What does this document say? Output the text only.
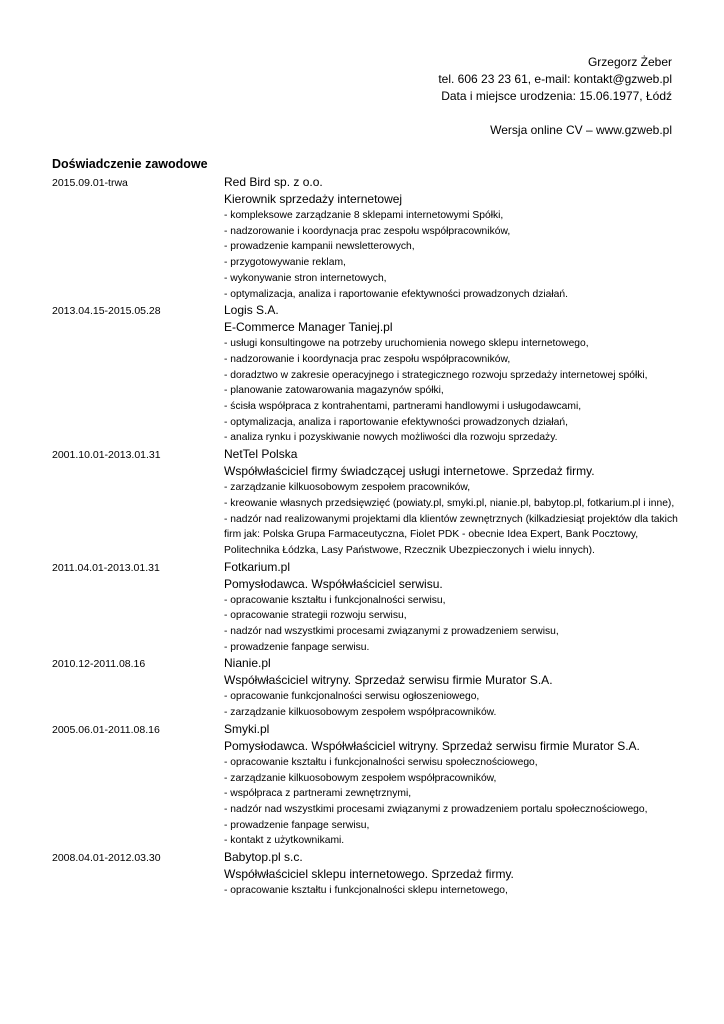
Grzegorz Żeber
tel. 606 23 23 61, e-mail: kontakt@gzweb.pl
Data i miejsce urodzenia: 15.06.1977, Łódź
Wersja online CV – www.gzweb.pl
Doświadczenie zawodowe
2015.09.01-trwa	Red Bird sp. z o.o.
Kierownik sprzedaży internetowej
- kompleksowe zarządzanie 8 sklepami internetowymi Spółki,
- nadzorowanie i koordynacja prac zespołu współpracowników,
- prowadzenie kampanii newsletterowych,
- przygotowywanie reklam,
- wykonywanie stron internetowych,
- optymalizacja, analiza i raportowanie efektywności prowadzonych działań.
2013.04.15-2015.05.28	Logis S.A.
E-Commerce Manager Taniej.pl
- usługi konsultingowe na potrzeby uruchomienia nowego sklepu internetowego,
- nadzorowanie i koordynacja prac zespołu współpracowników,
- doradztwo w zakresie operacyjnego i strategicznego rozwoju sprzedaży internetowej spółki,
- planowanie zatowarowania magazynów spółki,
- ścisła współpraca z kontrahentami, partnerami handlowymi i usługodawcami,
- optymalizacja, analiza i raportowanie efektywności prowadzonych działań,
- analiza rynku i pozyskiwanie nowych możliwości dla rozwoju sprzedaży.
2001.10.01-2013.01.31	NetTel Polska
Współwłaściciel firmy świadczącej usługi internetowe. Sprzedaż firmy.
- zarządzanie kilkuosobowym zespołem pracowników,
- kreowanie własnych przedsięwzięć (powiaty.pl, smyki.pl, nianie.pl, babytop.pl, fotkarium.pl i inne),
- nadzór nad realizowanymi projektami dla klientów zewnętrznych (kilkadziesiąt projektów dla takich firm jak: Polska Grupa Farmaceutyczna, Fiolet PDK - obecnie Idea Expert, Bank Pocztowy, Politechnika Łódzka, Lasy Państwowe, Rzecznik Ubezpieczonych i wielu innych).
2011.04.01-2013.01.31	Fotkarium.pl
Pomysłodawca. Współwłaściciel serwisu.
- opracowanie kształtu i funkcjonalności serwisu,
- opracowanie strategii rozwoju serwisu,
- nadzór nad wszystkimi procesami związanymi z prowadzeniem serwisu,
- prowadzenie fanpage serwisu.
2010.12-2011.08.16	Nianie.pl
Współwłaściciel witryny. Sprzedaż serwisu firmie Murator S.A.
- opracowanie funkcjonalności serwisu ogłoszeniowego,
- zarządzanie kilkuosobowym zespołem współpracowników.
2005.06.01-2011.08.16	Smyki.pl
Pomysłodawca. Współwłaściciel witryny. Sprzedaż serwisu firmie Murator S.A.
- opracowanie kształtu i funkcjonalności serwisu społecznościowego,
- zarządzanie kilkuosobowym zespołem współpracowników,
- współpraca z partnerami zewnętrznymi,
- nadzór nad wszystkimi procesami związanymi z prowadzeniem portalu społecznościowego,
- prowadzenie fanpage serwisu,
- kontakt z użytkownikami.
2008.04.01-2012.03.30	Babytop.pl s.c.
Współwłaściciel sklepu internetowego. Sprzedaż firmy.
- opracowanie kształtu i funkcjonalności sklepu internetowego,
